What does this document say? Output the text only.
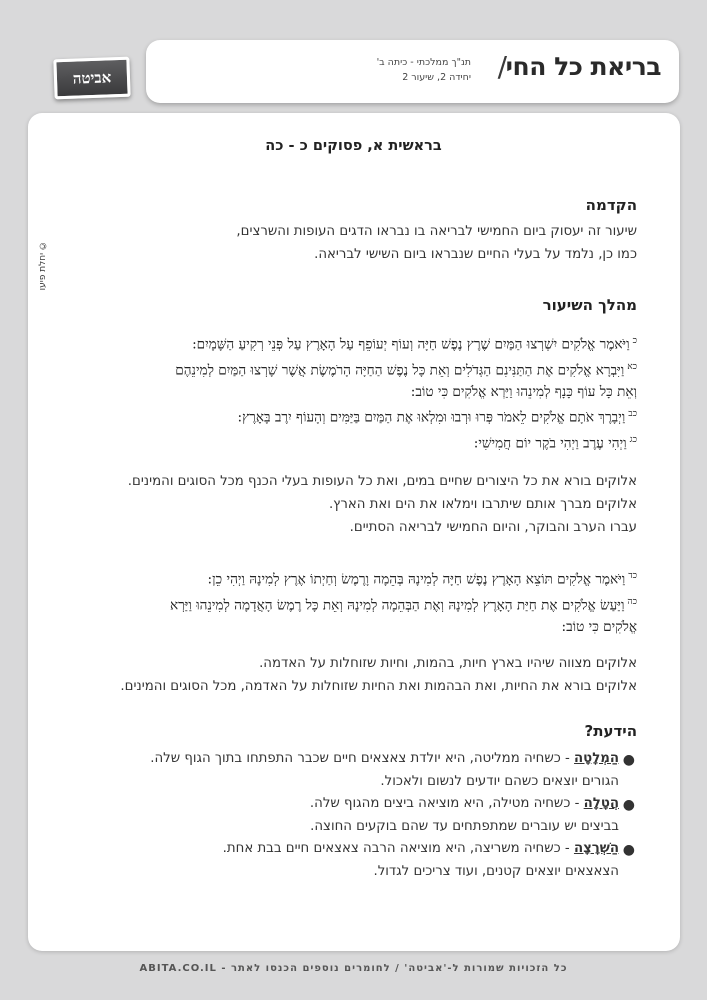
בריאת כל החי
/
תנ"ך ממלכתי - כיתה ב'
יחידה 2, שיעור 2
אביטה
© יחלת פיעו
בראשית א, פסוקים כ - כה
הקדמה
שיעור זה יעסוק ביום החמישי לבריאה בו נבראו הדגים העופות והשרצים,
כמו כן, נלמד על בעלי החיים שנבראו ביום השישי לבריאה.
מהלך השיעור
$^כ$וַיֹּאמֶר אֱלֹקִים יִשְׁרְצוּ הַמַּיִם שֶׁרֶץ נֶפֶשׁ חַיָּה וְעוֹף יְעוֹפֵף עַל הָאָרֶץ עַל פְּנֵי רְקִיעַ הַשָּׁמָיִם:
$^{כא}$וַיִּבְרָא אֱלֹקִים אֶת הַתַּנִּינִם הַגְּדֹלִים וְאֵת כָּל נֶפֶשׁ הַחַיָּה הָרֹמֶשֶׂת אֲשֶׁר שָׁרְצוּ הַמַּיִם לְמִינֵהֶם
וְאֵת כָּל עוֹף כָּנָף לְמִינֵהוּ וַיַּרְא אֱלֹקִים כִּי טוֹב:
$^{כב}$וַיְבָרֶךְ אֹתָם אֱלֹקִים לֵאמֹר פְּרוּ וּרְבוּ וּמִלְאוּ אֶת הַמַּיִם בַּיַּמִּים וְהָעוֹף יִרֶב בָּאָרֶץ:
$^{כג}$וַיְהִי עֶרֶב וַיְהִי בֹקֶר יוֹם חֲמִישִׁי:
אלוקים בורא את כל היצורים שחיים במים, ואת כל העופות בעלי הכנף מכל הסוגים והמינים.
אלוקים מברך אותם שיתרבו וימלאו את הים ואת הארץ.
עברו הערב והבוקר, והיום החמישי לבריאה הסתיים.
$^{כד}$וַיֹּאמֶר אֱלֹקִים תּוֹצֵא הָאָרֶץ נֶפֶשׁ חַיָּה לְמִינָהּ בְּהֵמָה וָרֶמֶשׂ וְחַיְתוֹ אֶרֶץ לְמִינָהּ וַיְהִי כֵן:
$^{כה}$וַיַּעַשׂ אֱלֹקִים אֶת חַיַּת הָאָרֶץ לְמִינָהּ וְאֶת הַבְּהֵמָה לְמִינָהּ וְאֵת כָּל רֶמֶשׂ הָאֲדָמָה לְמִינֵהוּ וַיַּרְא
אֱלֹקִים כִּי טוֹב:
אלוקים מצווה שיהיו בארץ חיות, בהמות, וחיות שזוחלות על האדמה.
אלוקים בורא את החיות, ואת הבהמות ואת החיות שזוחלות על האדמה, מכל הסוגים והמינים.
הידעת?
●
הַמְלָטָה - כשחיה ממליטה, היא יולדת צאצאים חיים שכבר התפתחו בתוך הגוף שלה.
הגורים יוצאים כשהם יודעים לנשום ולאכול.
●
הֲטָלָה - כשחיה מטילה, היא מוציאה ביצים מהגוף שלה.
בביצים יש עוברים שמתפתחים עד שהם בוקעים החוצה.
●
הַשְׁרָצָה - כשחיה משריצה, היא מוציאה הרבה צאצאים חיים בבת אחת.
הצאצאים יוצאים קטנים, ועוד צריכים לגדול.
כל הזכויות שמורות ל-'אביטה' / לחומרים נוספים הכנסו לאתר - ABITA.CO.IL
